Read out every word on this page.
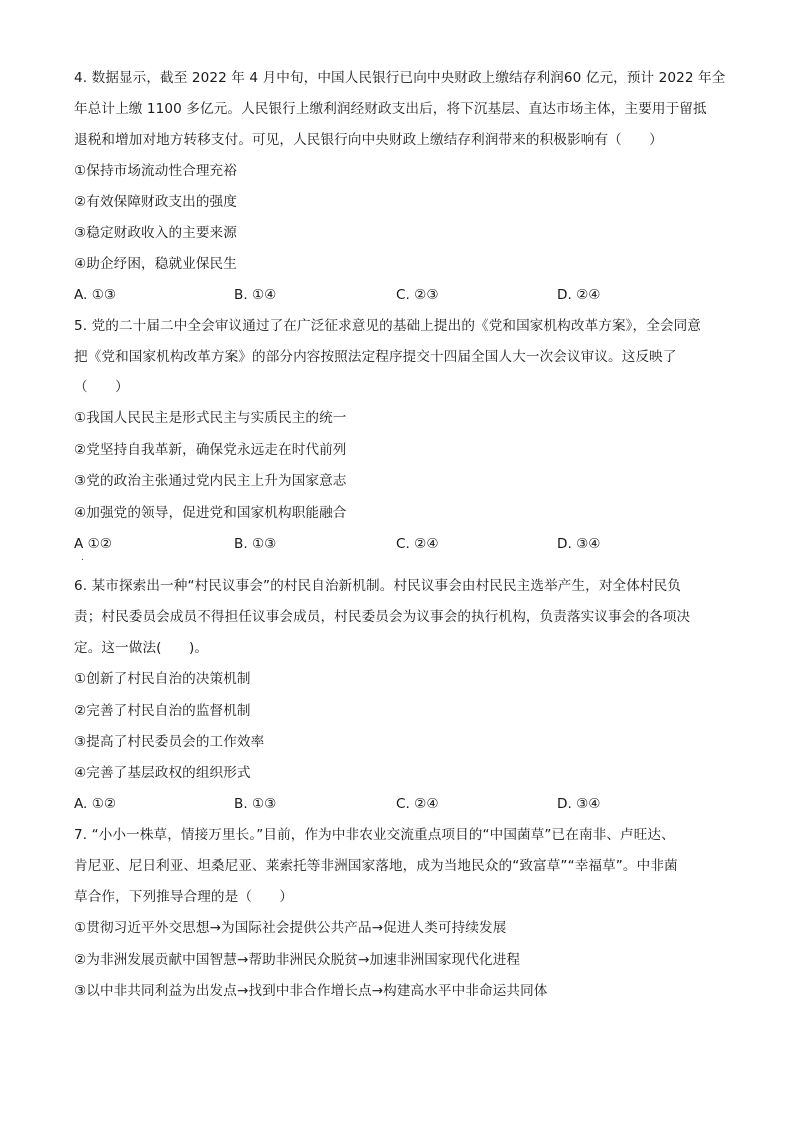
4. 数据显示，截至 2022 年 4 月中旬，中国人民银行已向中央财政上缴结存利润60 亿元，预计 2022 年全
年总计上缴 1100 多亿元。人民银行上缴利润经财政支出后，将下沉基层、直达市场主体，主要用于留抵
退税和增加对地方转移支付。可见，人民银行向中央财政上缴结存利润带来的积极影响有（　　）
①保持市场流动性合理充裕
②有效保障财政支出的强度
③稳定财政收入的主要来源
④助企纾困，稳就业保民生
A. ①③	B. ①④	C. ②③	D. ②④
5. 党的二十届二中全会审议通过了在广泛征求意见的基础上提出的《党和国家机构改革方案》，全会同意
把《党和国家机构改革方案》的部分内容按照法定程序提交十四届全国人大一次会议审议。这反映了
（　　）
①我国人民民主是形式民主与实质民主的统一
②党坚持自我革新，确保党永远走在时代前列
③党的政治主张通过党内民主上升为国家意志
④加强党的领导，促进党和国家机构职能融合
A ①②
.
B. ①③	C. ②④	D. ③④
6. 某市探索出一种“村民议事会”的村民自治新机制。村民议事会由村民民主选举产生，对全体村民负
责；村民委员会成员不得担任议事会成员，村民委员会为议事会的执行机构，负责落实议事会的各项决
定。这一做法(　　)。
①创新了村民自治的决策机制
②完善了村民自治的监督机制
③提高了村民委员会的工作效率
④完善了基层政权的组织形式
A. ①②	B. ①③	C. ②④	D. ③④
7. “小小一株草，情接万里长。”目前，作为中非农业交流重点项目的“中国菌草”已在南非、卢旺达、
肯尼亚、尼日利亚、坦桑尼亚、莱索托等非洲国家落地，成为当地民众的“致富草”“幸福草”。中非菌
草合作，下列推导合理的是（　　）
①贯彻习近平外交思想→为国际社会提供公共产品→促进人类可持续发展
②为非洲发展贡献中国智慧→帮助非洲民众脱贫→加速非洲国家现代化进程
③以中非共同利益为出发点→找到中非合作增长点→构建高水平中非命运共同体
